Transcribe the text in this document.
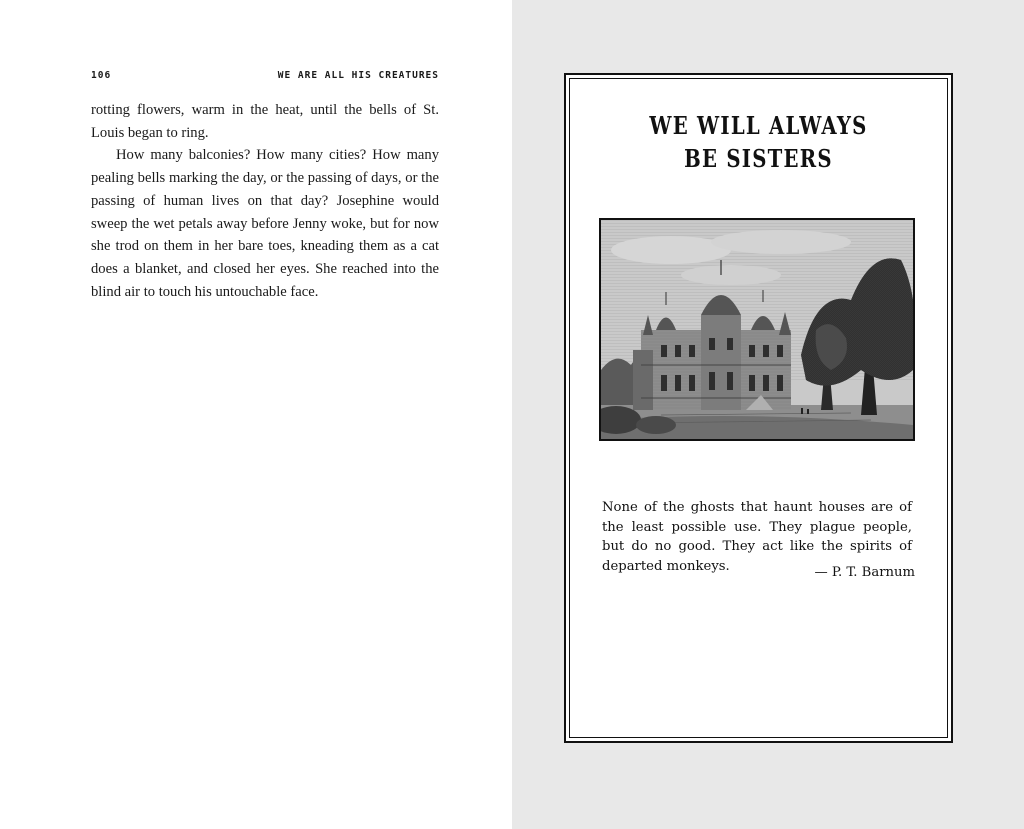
106	WE ARE ALL HIS CREATURES

rotting flowers, warm in the heat, until the bells of St. Louis began to ring.

How many balconies? How many cities? How many pealing bells marking the day, or the passing of days, or the passing of human lives on that day? Josephine would sweep the wet petals away before Jenny woke, but for now she trod on them in her bare toes, kneading them as a cat does a blanket, and closed her eyes. She reached into the blind air to touch his untouchable face.

WE WILL ALWAYS
BE SISTERS

None of the ghosts that haunt houses are of the least possible use. They plague people, but do no good. They act like the spirits of departed monkeys.	— P. T. Barnum
